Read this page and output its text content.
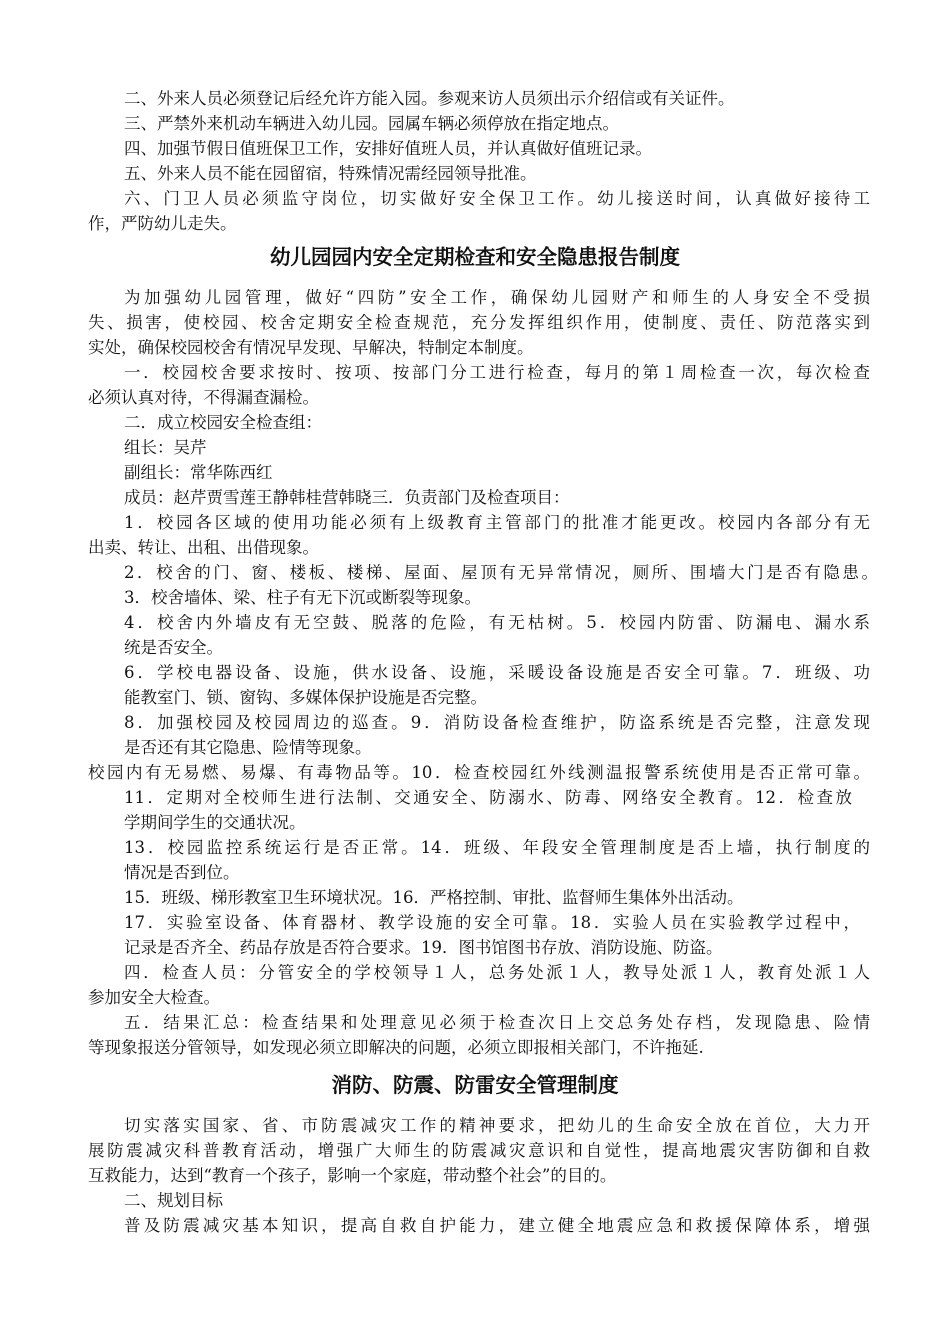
二、外来人员必须登记后经允许方能入园。参观来访人员须出示介绍信或有关证件。
三、严禁外来机动车辆进入幼儿园。园属车辆必须停放在指定地点。
四、加强节假日值班保卫工作，安排好值班人员，并认真做好值班记录。
五、外来人员不能在园留宿，特殊情况需经园领导批准。
六、门卫人员必须监守岗位，切实做好安全保卫工作。幼儿接送时间，认真做好接待工
作，严防幼儿走失。
幼儿园园内安全定期检查和安全隐患报告制度
为加强幼儿园管理，做好“四防”安全工作，确保幼儿园财产和师生的人身安全不受损
失、损害，使校园、校舍定期安全检查规范，充分发挥组织作用，使制度、责任、防范落实到
实处，确保校园校舍有情况早发现、早解决，特制定本制度。
一．校园校舍要求按时、按项、按部门分工进行检查，每月的第１周检查一次，每次检查
必须认真对待，不得漏查漏检。
二．成立校园安全检查组：
组长：吴芹
副组长：常华陈西红
成员：赵芹贾雪莲王静韩桂营韩晓三．负责部门及检查项目：
1．校园各区域的使用功能必须有上级教育主管部门的批准才能更改。校园内各部分有无
出卖、转让、出租、出借现象。
2．校舍的门、窗、楼板、楼梯、屋面、屋顶有无异常情况，厕所、围墙大门是否有隐患。
3．校舍墙体、梁、柱子有无下沉或断裂等现象。
4．校舍内外墙皮有无空鼓、脱落的危险，有无枯树。5．校园内防雷、防漏电、漏水系
统是否安全。
6．学校电器设备、设施，供水设备、设施，采暖设备设施是否安全可靠。7．班级、功
能教室门、锁、窗钩、多媒体保护设施是否完整。
8．加强校园及校园周边的巡查。9．消防设备检查维护，防盗系统是否完整，注意发现
是否还有其它隐患、险情等现象。
校园内有无易燃、易爆、有毒物品等。10．检查校园红外线测温报警系统使用是否正常可靠。
11．定期对全校师生进行法制、交通安全、防溺水、防毒、网络安全教育。12．检查放
学期间学生的交通状况。
13．校园监控系统运行是否正常。14．班级、年段安全管理制度是否上墙，执行制度的
情况是否到位。
15．班级、梯形教室卫生环境状况。16．严格控制、审批、监督师生集体外出活动。
17．实验室设备、体育器材、教学设施的安全可靠。18．实验人员在实验教学过程中，
记录是否齐全、药品存放是否符合要求。19．图书馆图书存放、消防设施、防盗。
四．检查人员：分管安全的学校领导１人，总务处派１人，教导处派１人，教育处派１人
参加安全大检查。
五．结果汇总：检查结果和处理意见必须于检查次日上交总务处存档，发现隐患、险情
等现象报送分管领导，如发现必须立即解决的问题，必须立即报相关部门，不许拖延.
消防、防震、防雷安全管理制度
切实落实国家、省、市防震减灾工作的精神要求，把幼儿的生命安全放在首位，大力开
展防震减灾科普教育活动，增强广大师生的防震减灾意识和自觉性，提高地震灾害防御和自救
互救能力，达到“教育一个孩子，影响一个家庭，带动整个社会”的目的。
二、规划目标
普及防震减灾基本知识，提高自救自护能力，建立健全地震应急和救援保障体系，增强
